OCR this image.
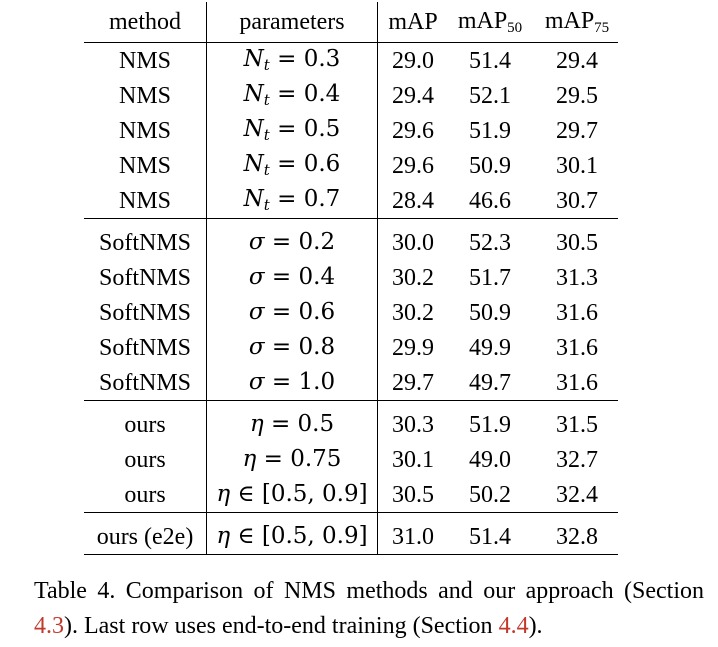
method	parameters	mAP	mAP$_{50}$	mAP$_{75}$
NMS	$N_t = 0.3$	29.0	51.4	29.4
NMS	$N_t = 0.4$	29.4	52.1	29.5
NMS	$N_t = 0.5$	29.6	51.9	29.7
NMS	$N_t = 0.6$	29.6	50.9	30.1
NMS	$N_t = 0.7$	28.4	46.6	30.7
SoftNMS	σ = 0.2	30.0	52.3	30.5
SoftNMS	σ = 0.4	30.2	51.7	31.3
SoftNMS	σ = 0.6	30.2	50.9	31.6
SoftNMS	σ = 0.8	29.9	49.9	31.6
SoftNMS	σ = 1.0	29.7	49.7	31.6
ours	η = 0.5	30.3	51.9	31.5
ours	η = 0.75	30.1	49.0	32.7
ours	η ∈ [0.5, 0.9]	30.5	50.2	32.4
ours (e2e)	η ∈ [0.5, 0.9]	31.0	51.4	32.8
Table 4. Comparison of NMS methods and our approach (Section 4.3). Last row uses end-to-end training (Section 4.4).
